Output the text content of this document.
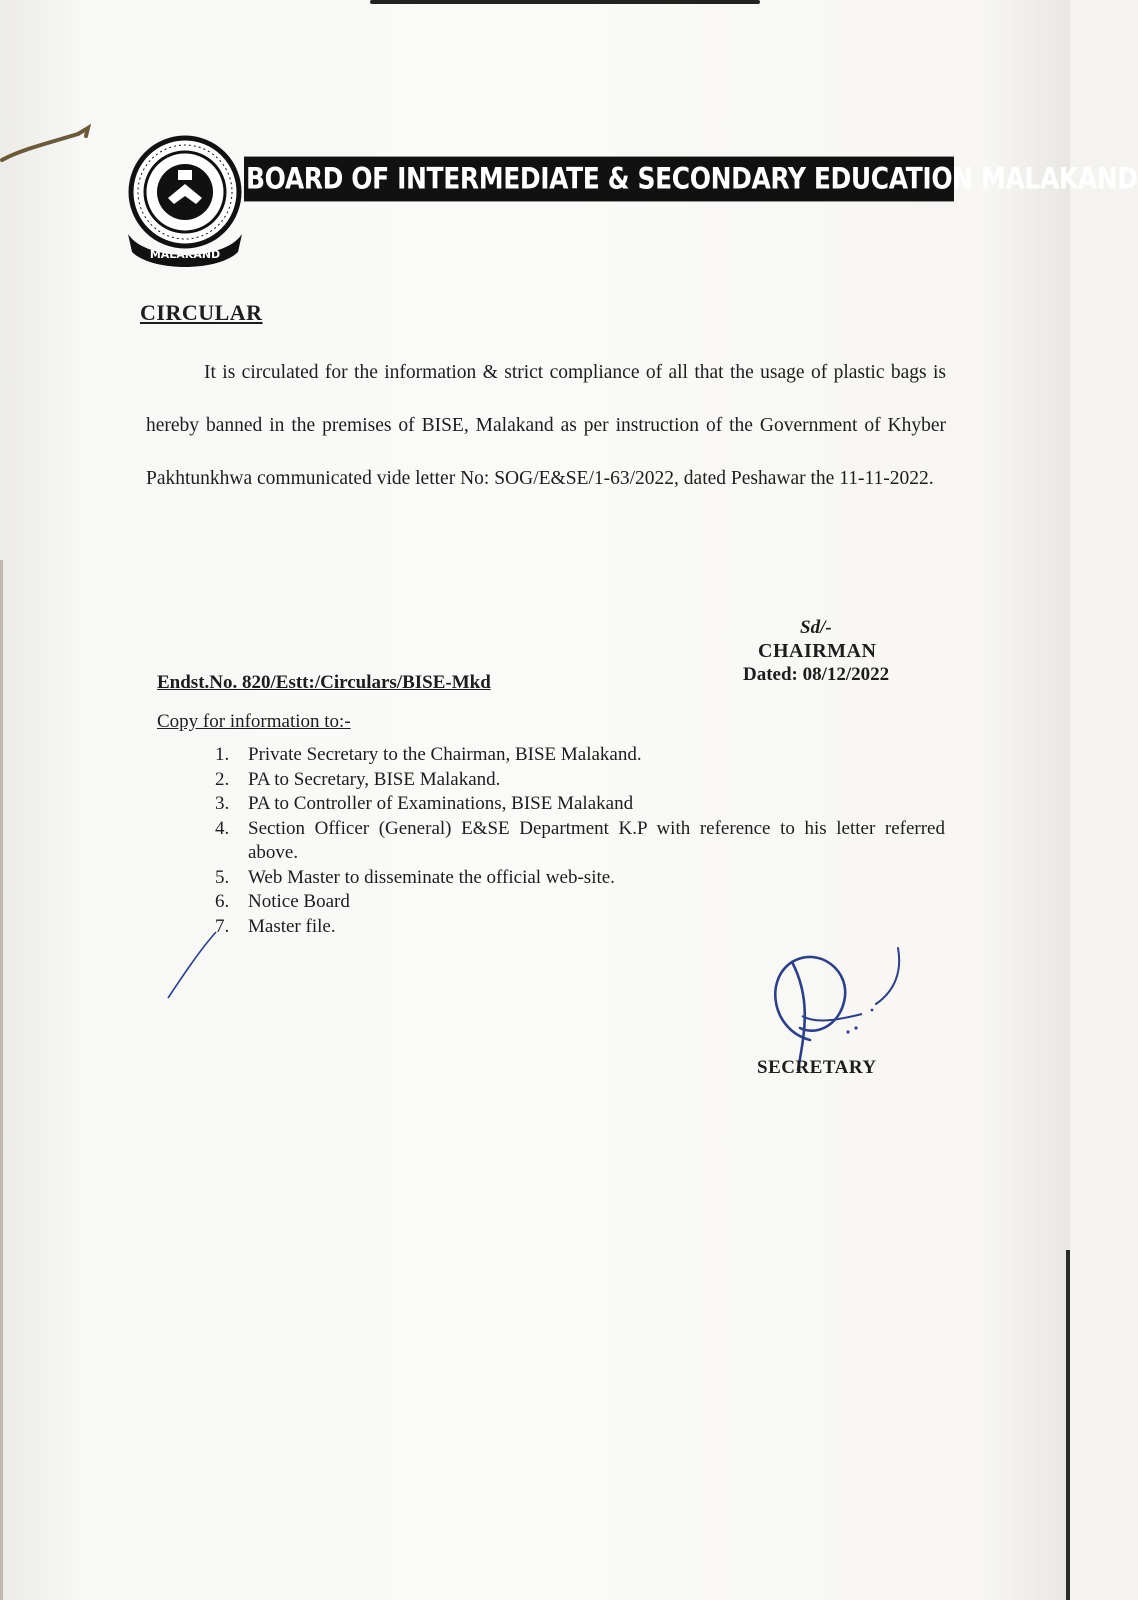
MALAKAND
BOARD OF INTERMEDIATE & SECONDARY EDUCATION MALAKAND
CIRCULAR

It is circulated for the information & strict compliance of all that the usage of plastic bags is hereby banned in the premises of BISE, Malakand as per instruction of the Government of Khyber Pakhtunkhwa communicated vide letter No: SOG/E&SE/1-63/2022, dated Peshawar the 11-11-2022.

Sd/-
CHAIRMAN
Dated: 08/12/2022
Endst.No. 820/Estt:/Circulars/BISE-Mkd
Copy for information to:-
1. Private Secretary to the Chairman, BISE Malakand.
2. PA to Secretary, BISE Malakand.
3. PA to Controller of Examinations, BISE Malakand
4. Section Officer (General) E&SE Department K.P with reference to his letter referred above.
5. Web Master to disseminate the official web-site.
6. Notice Board
7. Master file.
SECRETARY
